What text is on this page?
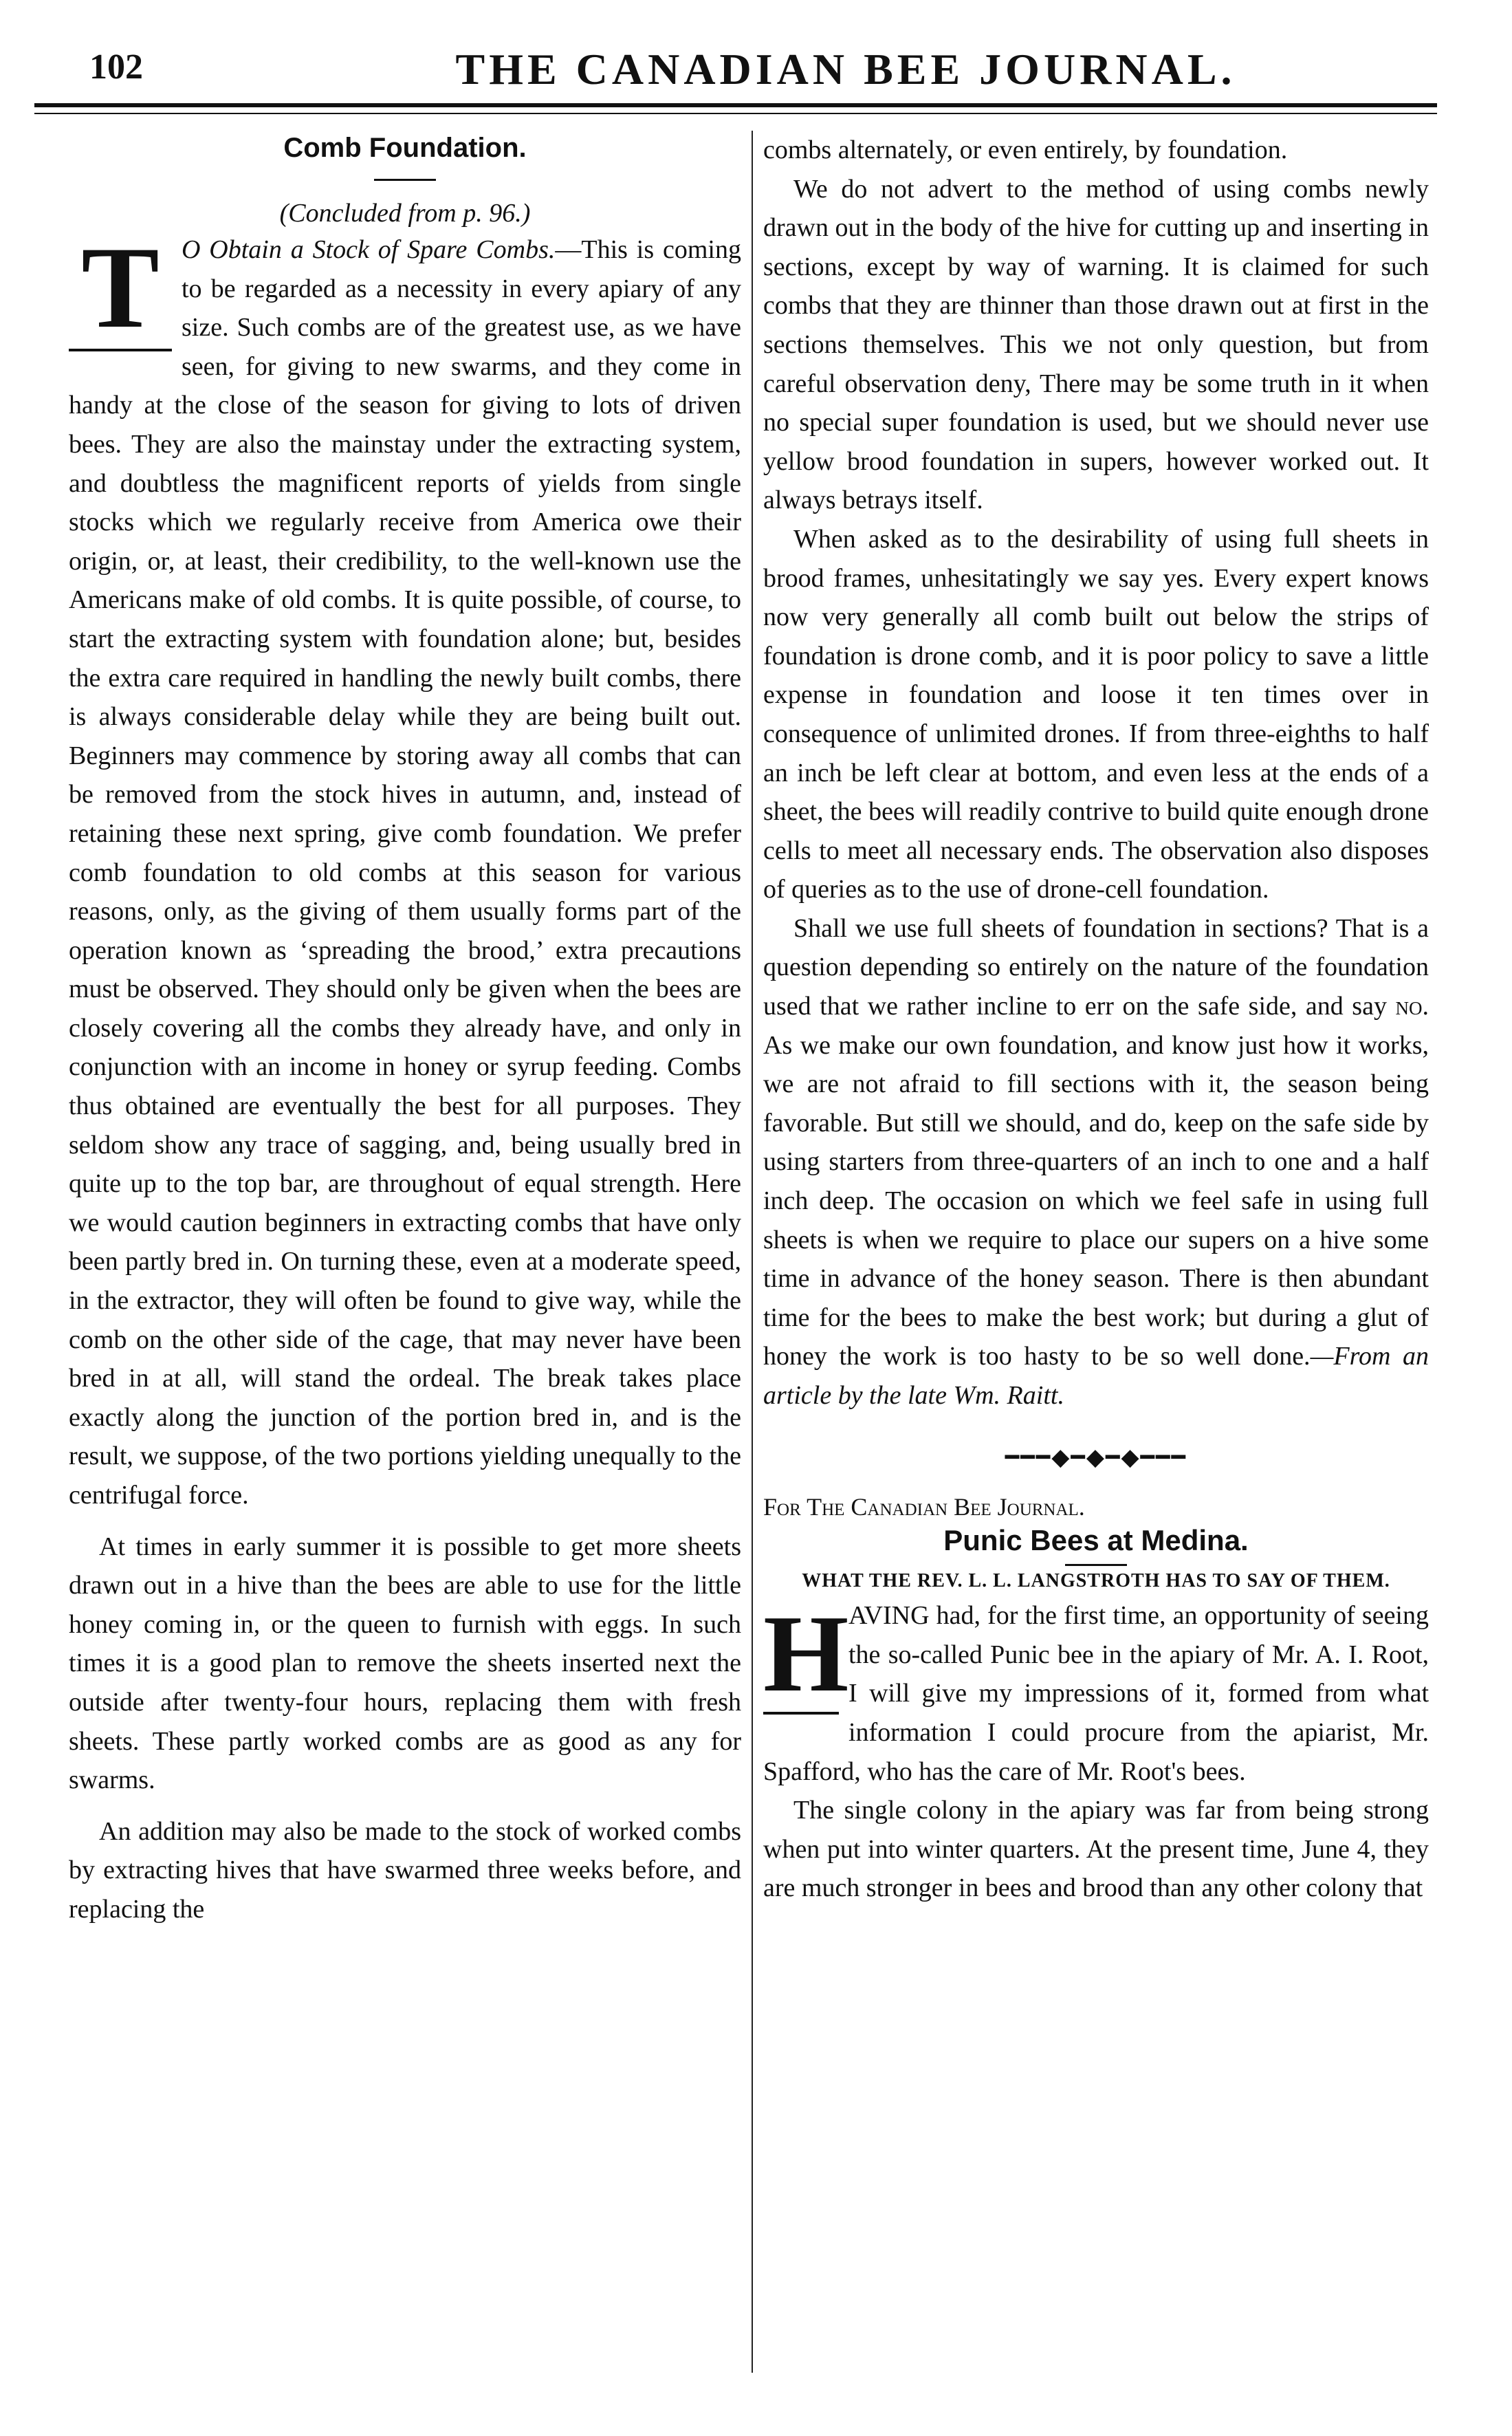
102	THE CANADIAN BEE JOURNAL.

Comb Foundation.

(Concluded from p. 96.)

T O Obtain a Stock of Spare Combs.—This is coming to be regarded as a necessity in every apiary of any size. Such combs are of the greatest use, as we have seen, for giving to new swarms, and they come in handy at the close of the season for giving to lots of driven bees. They are also the mainstay under the extracting system, and doubtless the magnificent reports of yields from single stocks which we regularly receive from America owe their origin, or, at least, their credibility, to the well-known use the Americans make of old combs. It is quite possible, of course, to start the extracting system with foundation alone; but, besides the extra care required in handling the newly built combs, there is always considerable delay while they are being built out. Beginners may commence by storing away all combs that can be removed from the stock hives in autumn, and, instead of retaining these next spring, give comb foundation. We prefer comb foundation to old combs at this season for various reasons, only, as the giving of them usually forms part of the operation known as ‘spreading the brood,’ extra precautions must be observed. They should only be given when the bees are closely covering all the combs they already have, and only in conjunction with an income in honey or syrup feeding. Combs thus obtained are eventually the best for all purposes. They seldom show any trace of sagging, and, being usually bred in quite up to the top bar, are throughout of equal strength. Here we would caution beginners in extracting combs that have only been partly bred in. On turning these, even at a moderate speed, in the extractor, they will often be found to give way, while the comb on the other side of the cage, that may never have been bred in at all, will stand the ordeal. The break takes place exactly along the junction of the portion bred in, and is the result, we suppose, of the two portions yielding unequally to the centrifugal force.

At times in early summer it is possible to get more sheets drawn out in a hive than the bees are able to use for the little honey coming in, or the queen to furnish with eggs. In such times it is a good plan to remove the sheets inserted next the outside after twenty-four hours, replacing them with fresh sheets. These partly worked combs are as good as any for swarms.

An addition may also be made to the stock of worked combs by extracting hives that have swarmed three weeks before, and replacing the

combs alternately, or even entirely, by foundation.

We do not advert to the method of using combs newly drawn out in the body of the hive for cutting up and inserting in sections, except by way of warning. It is claimed for such combs that they are thinner than those drawn out at first in the sections themselves. This we not only question, but from careful observation deny, There may be some truth in it when no special super foundation is used, but we should never use yellow brood foundation in supers, however worked out. It always betrays itself.

When asked as to the desirability of using full sheets in brood frames, unhesitatingly we say yes. Every expert knows now very generally all comb built out below the strips of foundation is drone comb, and it is poor policy to save a little expense in foundation and loose it ten times over in consequence of unlimited drones. If from three-eighths to half an inch be left clear at bottom, and even less at the ends of a sheet, the bees will readily contrive to build quite enough drone cells to meet all necessary ends. The observation also disposes of queries as to the use of drone-cell foundation.

Shall we use full sheets of foundation in sections? That is a question depending so entirely on the nature of the foundation used that we rather incline to err on the safe side, and say no. As we make our own foundation, and know just how it works, we are not afraid to fill sections with it, the season being favorable. But still we should, and do, keep on the safe side by using starters from three-quarters of an inch to one and a half inch deep. The occasion on which we feel safe in using full sheets is when we require to place our supers on a hive some time in advance of the honey season. There is then abundant time for the bees to make the best work; but during a glut of honey the work is too hasty to be so well done.—From an article by the late Wm. Raitt.

━━━◆━◆━◆━━━

For The Canadian Bee Journal.

Punic Bees at Medina.

WHAT THE REV. L. L. LANGSTROTH HAS TO SAY OF THEM.

H AVING had, for the first time, an opportunity of seeing the so-called Punic bee in the apiary of Mr. A. I. Root, I will give my impressions of it, formed from what information I could procure from the apiarist, Mr. Spafford, who has the care of Mr. Root's bees.

The single colony in the apiary was far from being strong when put into winter quarters. At the present time, June 4, they are much stronger in bees and brood than any other colony that
